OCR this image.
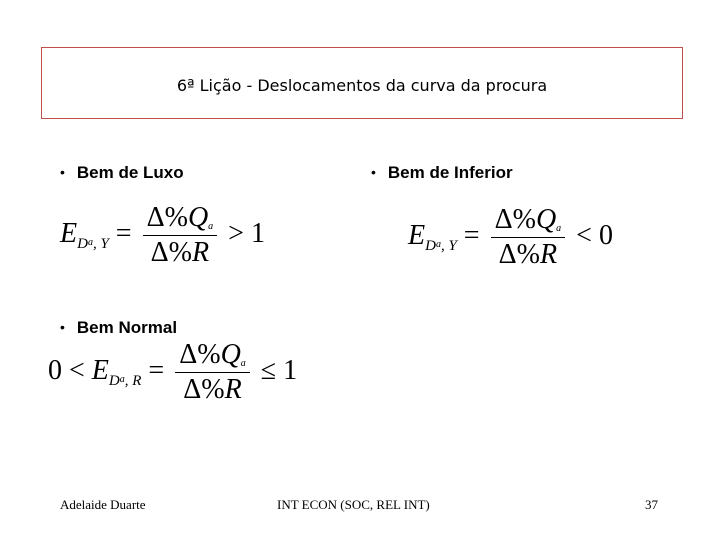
6ª Lição - Deslocamentos da curva da procura
• Bem de Luxo	• Bem de Inferior
• Bem Normal
$E_Da_{, Y} = \frac{\Delta\%Qa}{\Delta\%R} > 1$	$E_Da_{, Y} = \frac{\Delta\%Qa}{\Delta\%R} < 0$
$0 < E_Da_{, R} = \frac{\Delta\%Qa}{\Delta\%R} \le 1$
Adelaide Duarte	INT ECON (SOC, REL INT)	37
